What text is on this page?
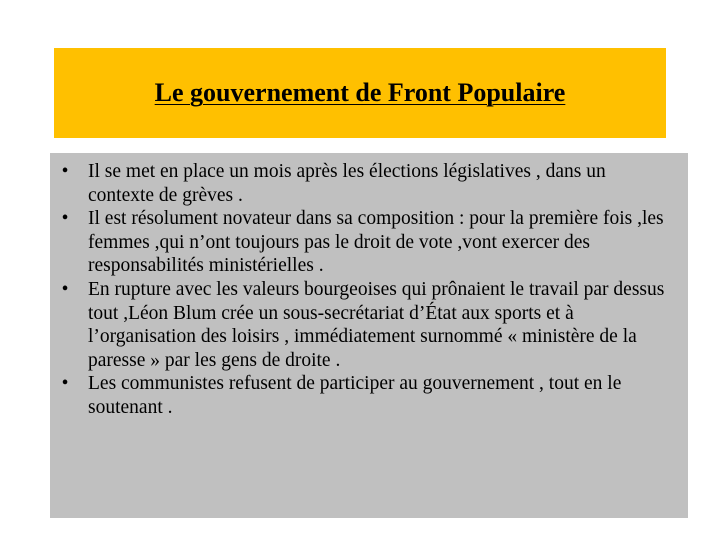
Le gouvernement de Front Populaire
• Il se met en place un mois après les élections législatives , dans un contexte de grèves .
• Il est résolument novateur dans sa composition : pour la première fois ,les femmes ,qui n’ont toujours pas le droit de vote ,vont exercer des responsabilités ministérielles .
• En rupture avec les valeurs bourgeoises qui prônaient le travail par dessus tout ,Léon Blum crée un sous-secrétariat d’État aux sports et à l’organisation des loisirs , immédiatement surnommé « ministère de la paresse » par les gens de droite .
• Les communistes refusent de participer au gouvernement , tout en le soutenant .
